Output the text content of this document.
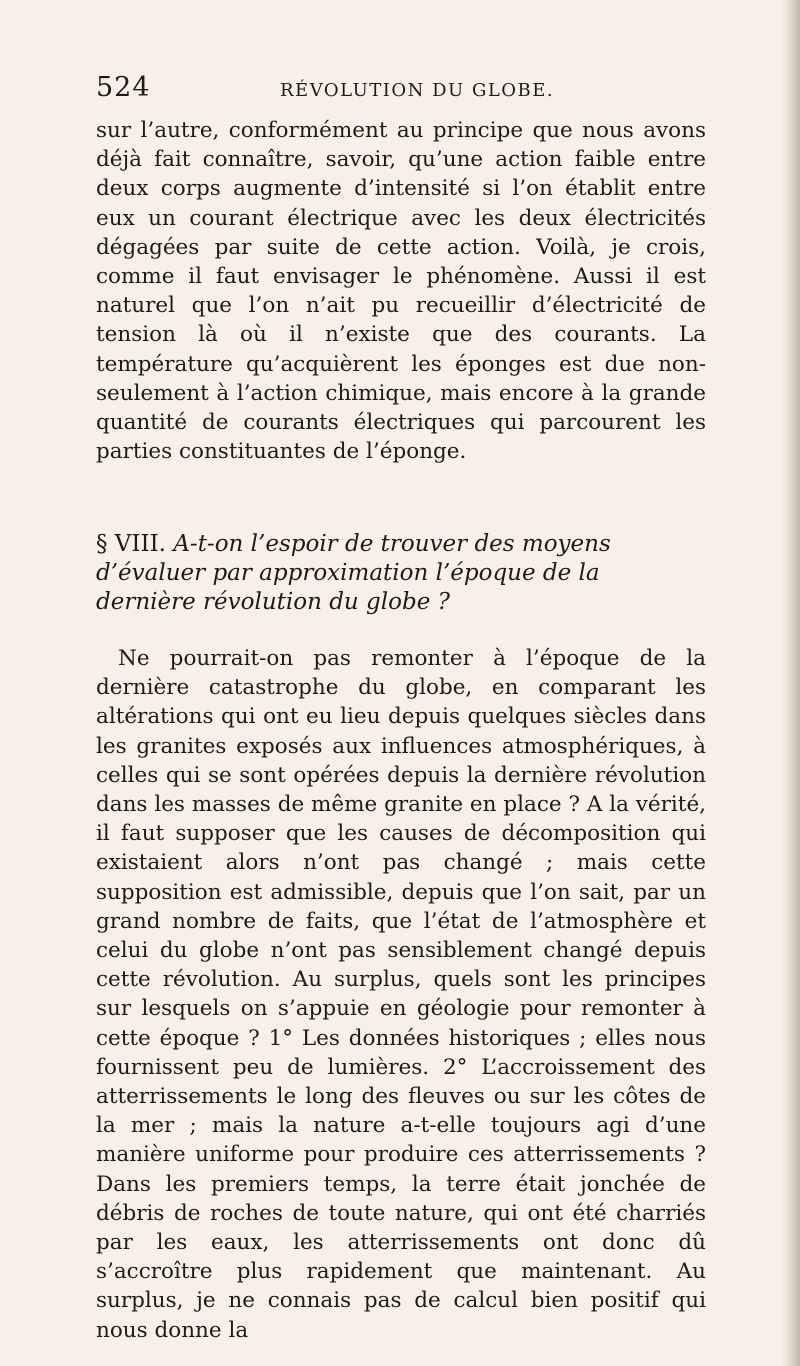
524	RÉVOLUTION DU GLOBE.

sur l’autre, conformément au principe que nous avons déjà fait connaître, savoir, qu’une action faible entre deux corps augmente d’intensité si l’on établit entre eux un courant électrique avec les deux électricités dégagées par suite de cette action. Voilà, je crois, comme il faut envisager le phénomène. Aussi il est naturel que l’on n’ait pu recueillir d’électricité de tension là où il n’existe que des courants. La température qu’acquièrent les éponges est due non-seulement à l’action chimique, mais encore à la grande quantité de courants électriques qui parcourent les parties constituantes de l’éponge.

§ VIII. A-t-on l’espoir de trouver des moyens d’évaluer par approximation l’époque de la dernière révolution du globe ?

Ne pourrait-on pas remonter à l’époque de la dernière catastrophe du globe, en comparant les altérations qui ont eu lieu depuis quelques siècles dans les granites exposés aux influences atmosphériques, à celles qui se sont opérées depuis la dernière révolution dans les masses de même granite en place ? A la vérité, il faut supposer que les causes de décomposition qui existaient alors n’ont pas changé ; mais cette supposition est admissible, depuis que l’on sait, par un grand nombre de faits, que l’état de l’atmosphère et celui du globe n’ont pas sensiblement changé depuis cette révolution. Au surplus, quels sont les principes sur lesquels on s’appuie en géologie pour remonter à cette époque ? 1° Les données historiques ; elles nous fournissent peu de lumières. 2° L’accroissement des atterrissements le long des fleuves ou sur les côtes de la mer ; mais la nature a-t-elle toujours agi d’une manière uniforme pour produire ces atterrissements ? Dans les premiers temps, la terre était jonchée de débris de roches de toute nature, qui ont été charriés par les eaux, les atterrissements ont donc dû s’accroître plus rapidement que maintenant. Au surplus, je ne connais pas de calcul bien positif qui nous donne la
